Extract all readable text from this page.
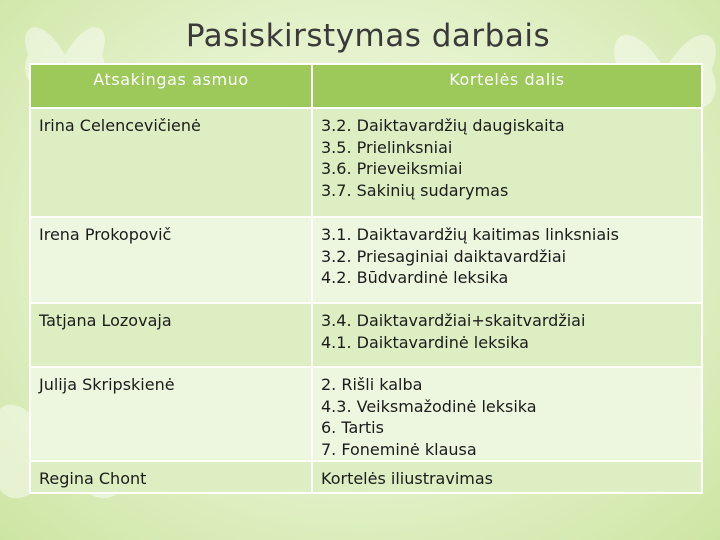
Pasiskirstymas darbais
Atsakingas asmuo	Kortelės dalis

Irina Celencevičienė	3.2. Daiktavardžių daugiskaita
3.5. Prielinksniai
3.6. Prieveiksmiai
3.7. Sakinių sudarymas

Irena Prokopovič	3.1. Daiktavardžių kaitimas linksniais
3.2. Priesaginiai daiktavardžiai
4.2. Būdvardinė leksika

Tatjana Lozovaja	3.4. Daiktavardžiai+skaitvardžiai
4.1. Daiktavardinė leksika

Julija Skripskienė	2. Rišli kalba
4.3. Veiksmažodinė leksika
6. Tartis
7. Foneminė klausa

Regina Chont	Kortelės iliustravimas
